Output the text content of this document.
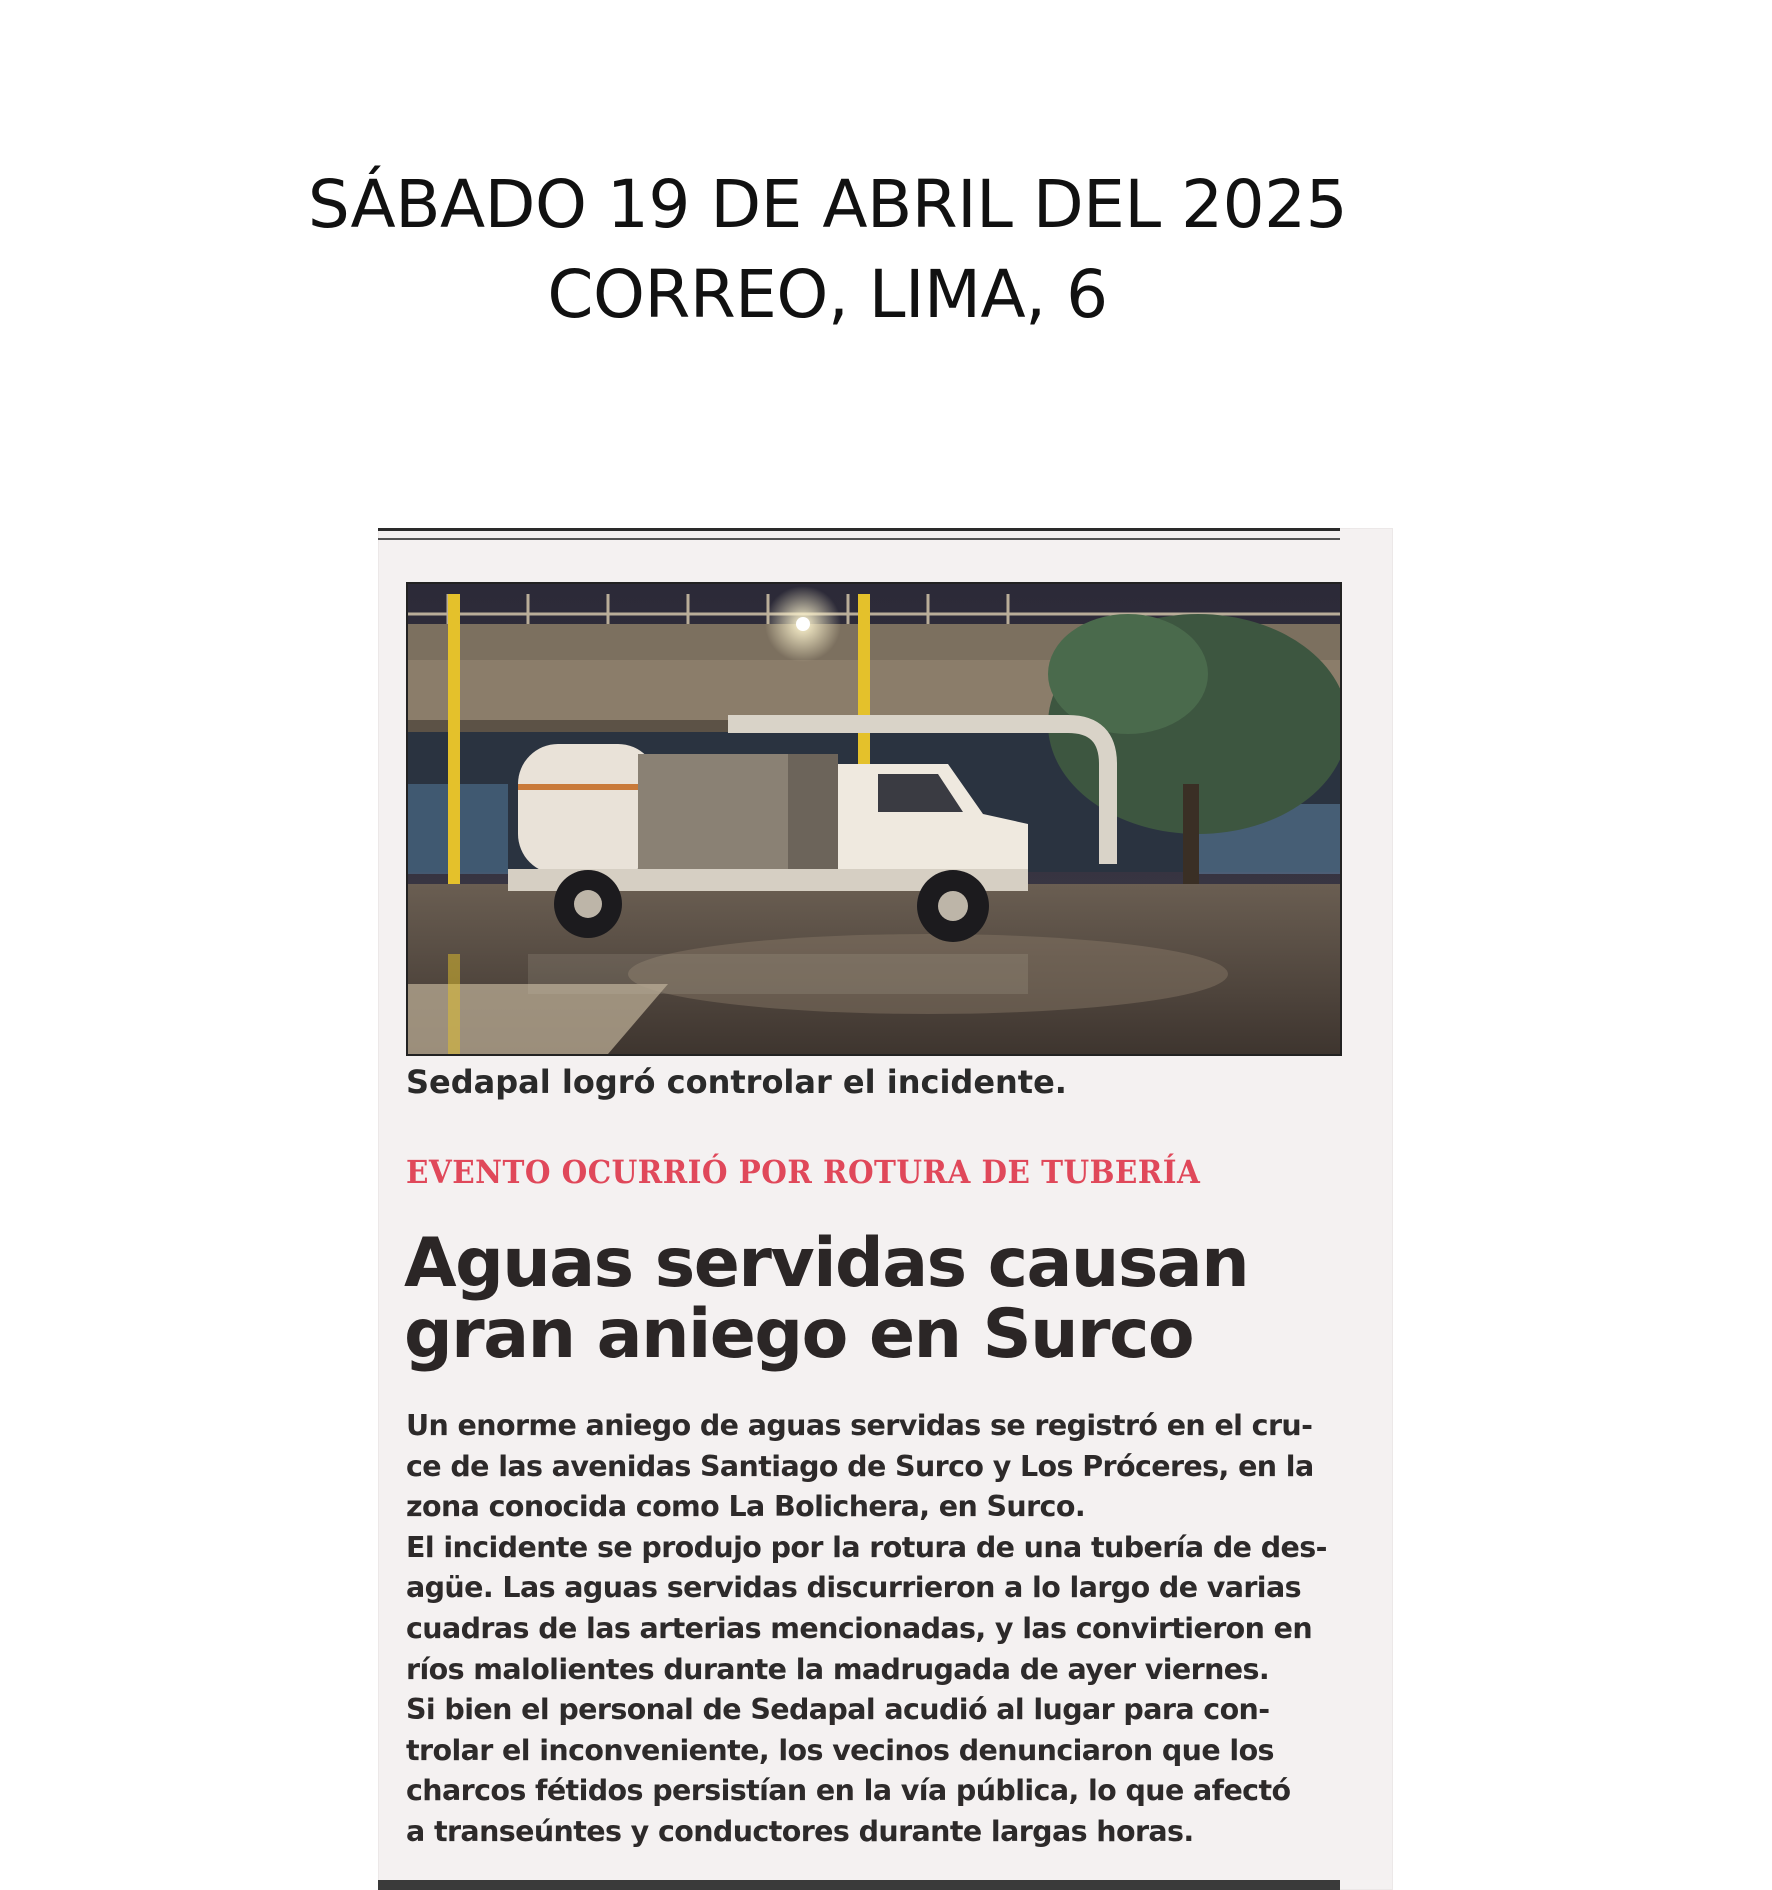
SÁBADO 19 DE ABRIL DEL 2025
CORREO, LIMA, 6
Sedapal logró controlar el incidente.
EVENTO OCURRIÓ POR ROTURA DE TUBERÍA
Aguas servidas causan
gran aniego en Surco
Un enorme aniego de aguas servidas se registró en el cru-
ce de las avenidas Santiago de Surco y Los Próceres, en la
zona conocida como La Bolichera, en Surco.
El incidente se produjo por la rotura de una tubería de des-
agüe. Las aguas servidas discurrieron a lo largo de varias
cuadras de las arterias mencionadas, y las convirtieron en
ríos malolientes durante la madrugada de ayer viernes.
Si bien el personal de Sedapal acudió al lugar para con-
trolar el inconveniente, los vecinos denunciaron que los
charcos fétidos persistían en la vía pública, lo que afectó
a transeúntes y conductores durante largas horas.
